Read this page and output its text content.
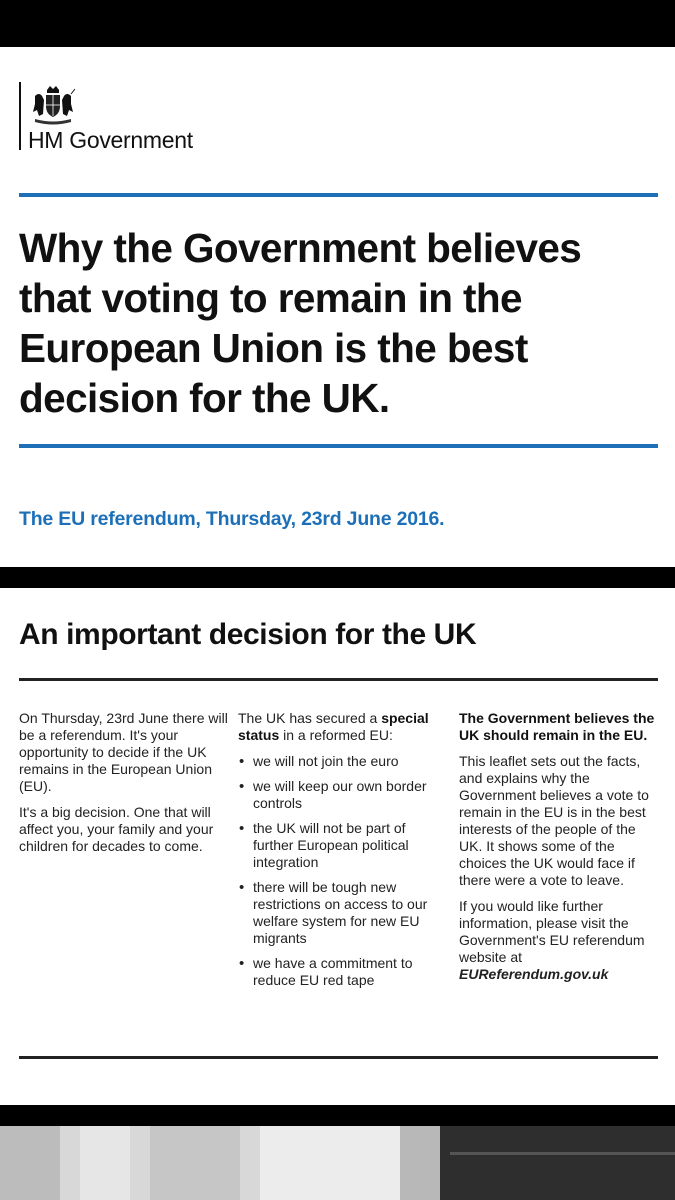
HM Government
Why the Government believes that voting to remain in the European Union is the best decision for the UK.
The EU referendum, Thursday, 23rd June 2016.
An important decision for the UK

On Thursday, 23rd June there will be a referendum. It's your opportunity to decide if the UK remains in the European Union (EU).

It's a big decision. One that will affect you, your family and your children for decades to come.

The UK has secured a special status in a reformed EU:

• we will not join the euro
• we will keep our own border controls
• the UK will not be part of further European political integration
• there will be tough new restrictions on access to our welfare system for new EU migrants
• we have a commitment to reduce EU red tape

The Government believes the UK should remain in the EU.

This leaflet sets out the facts, and explains why the Government believes a vote to remain in the EU is in the best interests of the people of the UK. It shows some of the choices the UK would face if there were a vote to leave.

If you would like further information, please visit the Government's EU referendum website at EUReferendum.gov.uk
